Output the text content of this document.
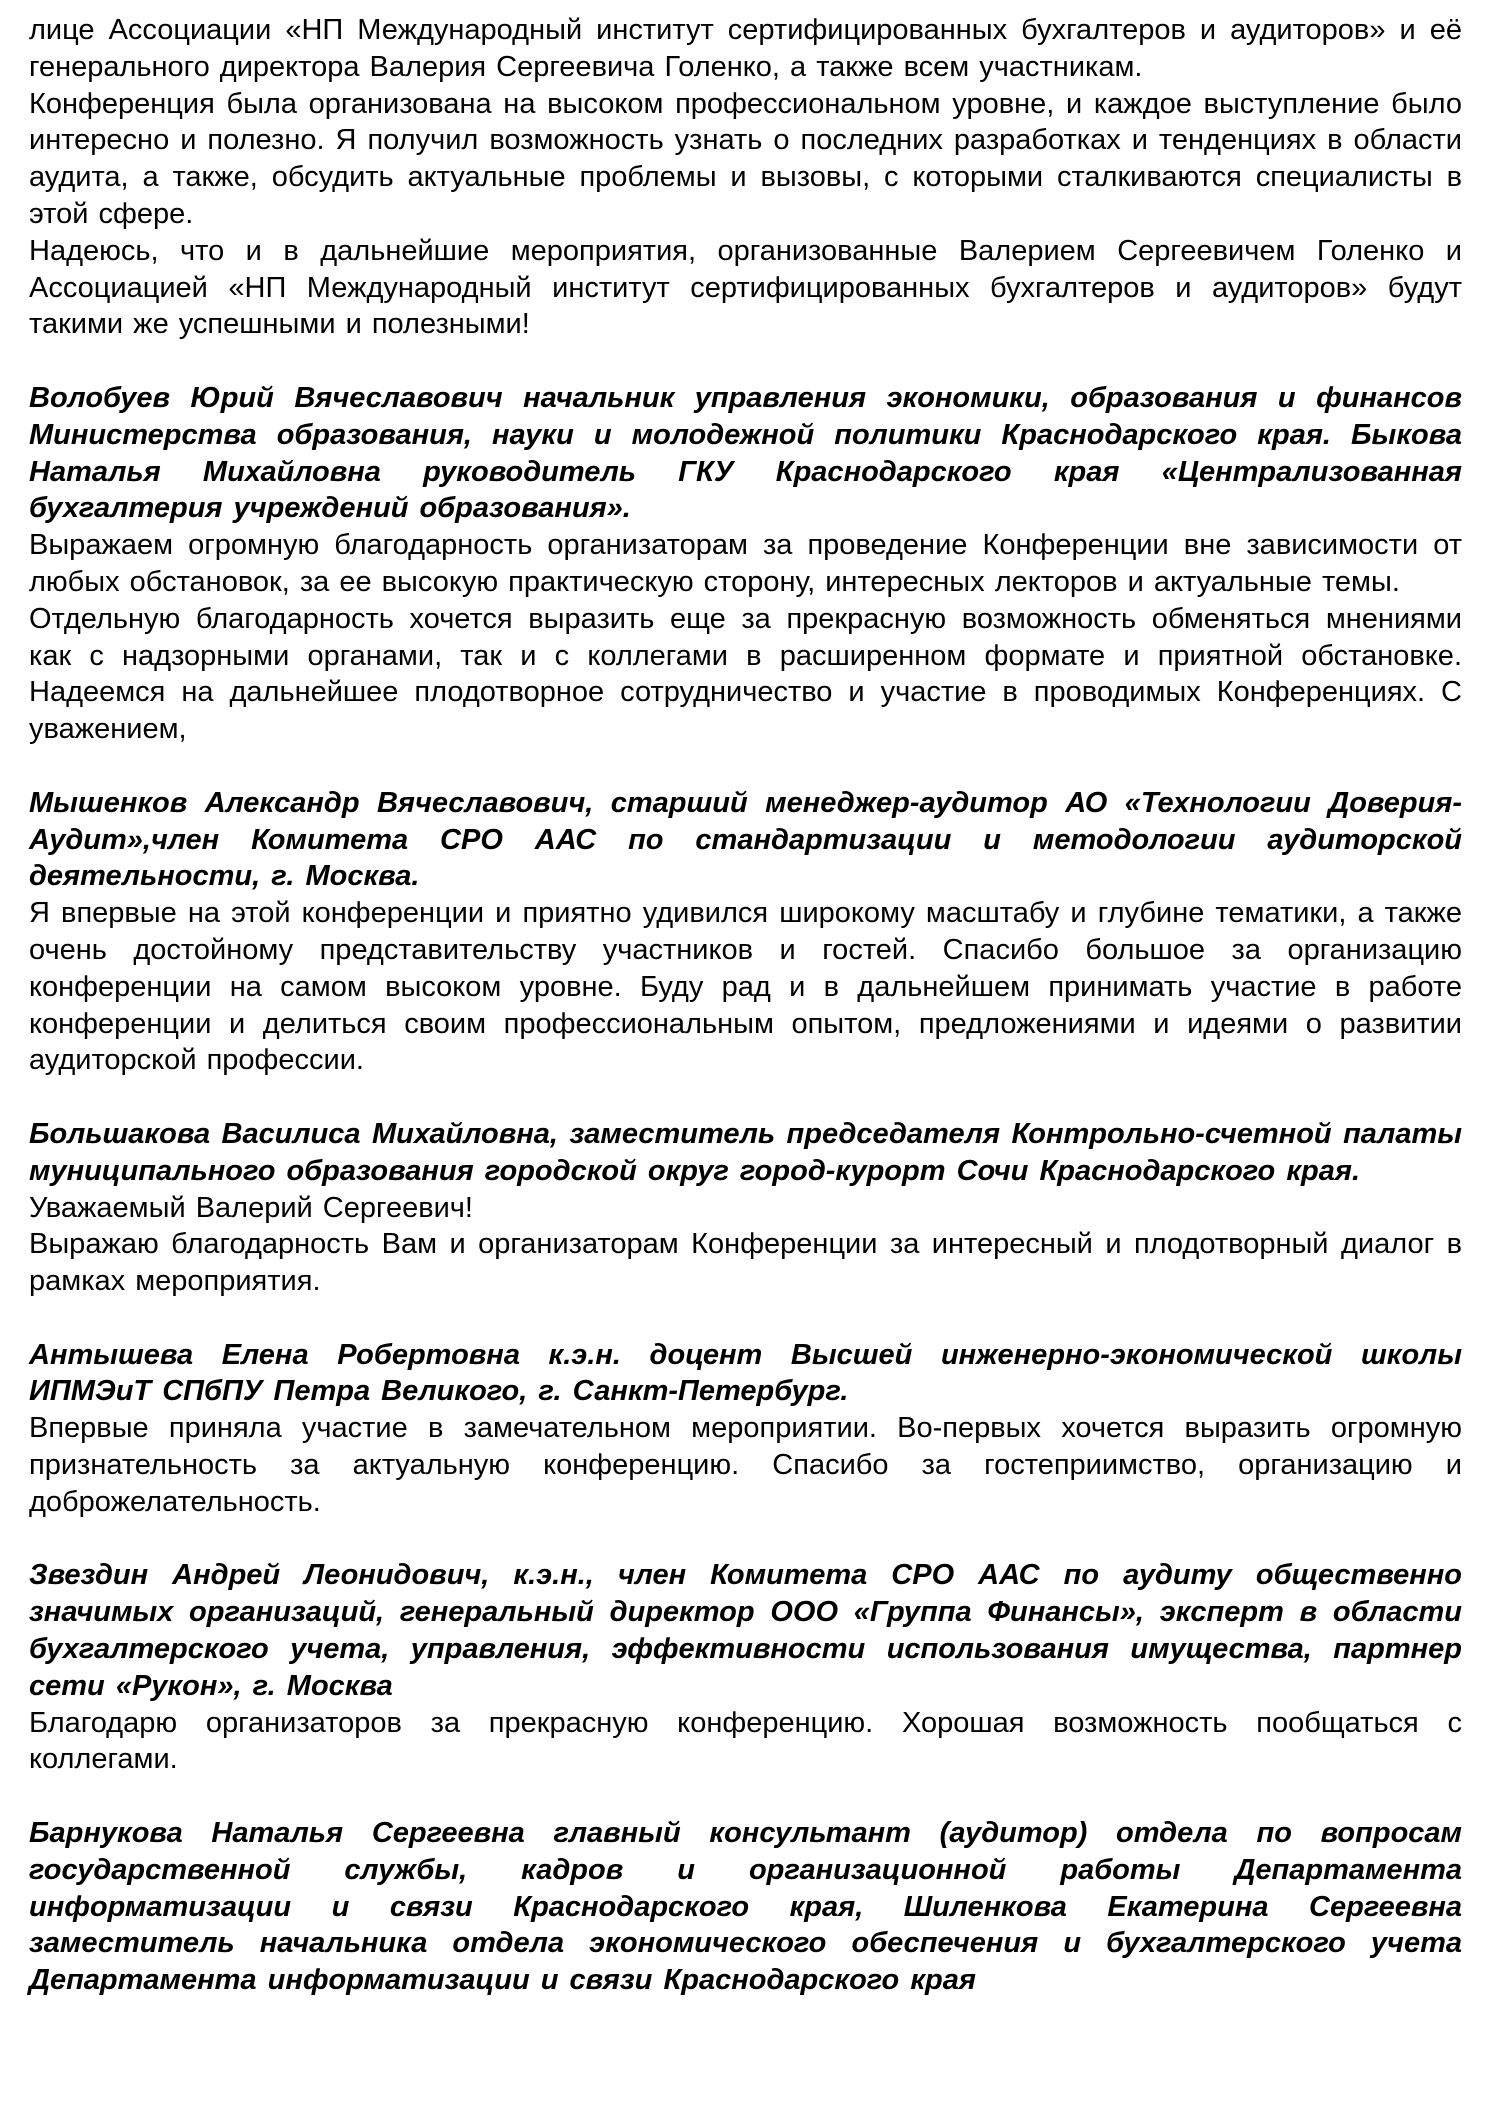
лице Ассоциации «НП Международный институт сертифицированных бухгалтеров и аудиторов» и её генерального директора Валерия Сергеевича Голенко, а также всем участникам.

Конференция была организована на высоком профессиональном уровне, и каждое выступление было интересно и полезно. Я получил возможность узнать о последних разработках и тенденциях в области аудита, а также, обсудить актуальные проблемы и вызовы, с которыми сталкиваются специалисты в этой сфере.

Надеюсь, что и в дальнейшие мероприятия, организованные Валерием Сергеевичем Голенко и Ассоциацией «НП Международный институт сертифицированных бухгалтеров и аудиторов» будут такими же успешными и полезными!

Волобуев Юрий Вячеславович начальник управления экономики, образования и финансов Министерства образования, науки и молодежной политики Краснодарского края. Быкова Наталья Михайловна руководитель ГКУ Краснодарского края «Централизованная бухгалтерия учреждений образования».

Выражаем огромную благодарность организаторам за проведение Конференции вне зависимости от любых обстановок, за ее высокую практическую сторону, интересных лекторов и актуальные темы.

Отдельную благодарность хочется выразить еще за прекрасную возможность обменяться мнениями как с надзорными органами, так и с коллегами в расширенном формате и приятной обстановке. Надеемся на дальнейшее плодотворное сотрудничество и участие в проводимых Конференциях. С уважением,

Мышенков Александр Вячеславович, старший менеджер-аудитор АО «Технологии Доверия-Аудит»,член Комитета СРО ААС по стандартизации и методологии аудиторской деятельности, г. Москва.

Я впервые на этой конференции и приятно удивился широкому масштабу и глубине тематики, а также очень достойному представительству участников и гостей. Спасибо большое за организацию конференции на самом высоком уровне. Буду рад и в дальнейшем принимать участие в работе конференции и делиться своим профессиональным опытом, предложениями и идеями о развитии аудиторской профессии.

Большакова Василиса Михайловна, заместитель председателя Контрольно-счетной палаты муниципального образования городской округ город-курорт Сочи Краснодарского края.

Уважаемый Валерий Сергеевич!

Выражаю благодарность Вам и организаторам Конференции за интересный и плодотворный диалог в рамках мероприятия.

Антышева Елена Робертовна к.э.н. доцент Высшей инженерно-экономической школы ИПМЭиТ СПбПУ Петра Великого, г. Санкт-Петербург.

Впервые приняла участие в замечательном мероприятии. Во-первых хочется выразить огромную признательность за актуальную конференцию. Спасибо за гостеприимство, организацию и доброжелательность.

Звездин Андрей Леонидович, к.э.н., член Комитета СРО ААС по аудиту общественно значимых организаций, генеральный директор ООО «Группа Финансы», эксперт в области бухгалтерского учета, управления, эффективности использования имущества, партнер сети «Рукон», г. Москва

Благодарю организаторов за прекрасную конференцию. Хорошая возможность пообщаться с коллегами.

Барнукова Наталья Сергеевна главный консультант (аудитор) отдела по вопросам государственной службы, кадров и организационной работы Департамента информатизации и связи Краснодарского края, Шиленкова Екатерина Сергеевна заместитель начальника отдела экономического обеспечения и бухгалтерского учета Департамента информатизации и связи Краснодарского края
